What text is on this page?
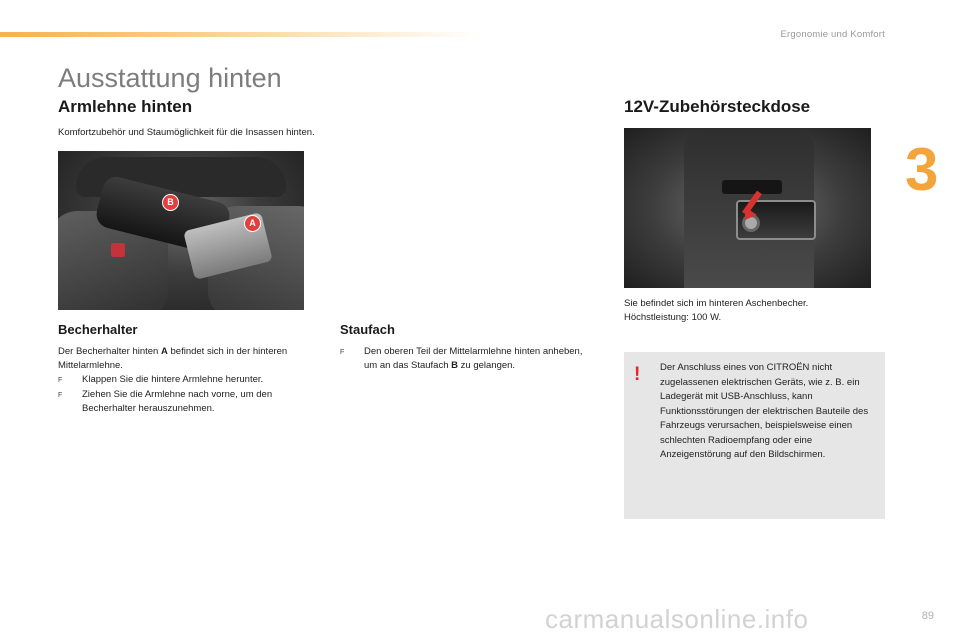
Ergonomie und Komfort
3
Ausstattung hinten
Armlehne hinten
Komfortzubehör und Staumöglichkeit für die Insassen hinten.
B
A
Becherhalter
Der Becherhalter hinten A befindet sich in der hinteren Mittelarmlehne.
F	Klappen Sie die hintere Armlehne herunter.
F	Ziehen Sie die Armlehne nach vorne, um den Becherhalter herauszunehmen.
Staufach
F	Den oberen Teil der Mittelarmlehne hinten anheben, um an das Staufach B zu gelangen.
12V-Zubehörsteckdose
Sie befindet sich im hinteren Aschenbecher.
Höchstleistung: 100 W.
! Der Anschluss eines von CITROËN nicht zugelassenen elektrischen Geräts, wie z. B. ein Ladegerät mit USB-Anschluss, kann Funktionsstörungen der elektrischen Bauteile des Fahrzeugs verursachen, beispielsweise einen schlechten Radioempfang oder eine Anzeigenstörung auf den Bildschirmen.
89
carmanualsonline.info
